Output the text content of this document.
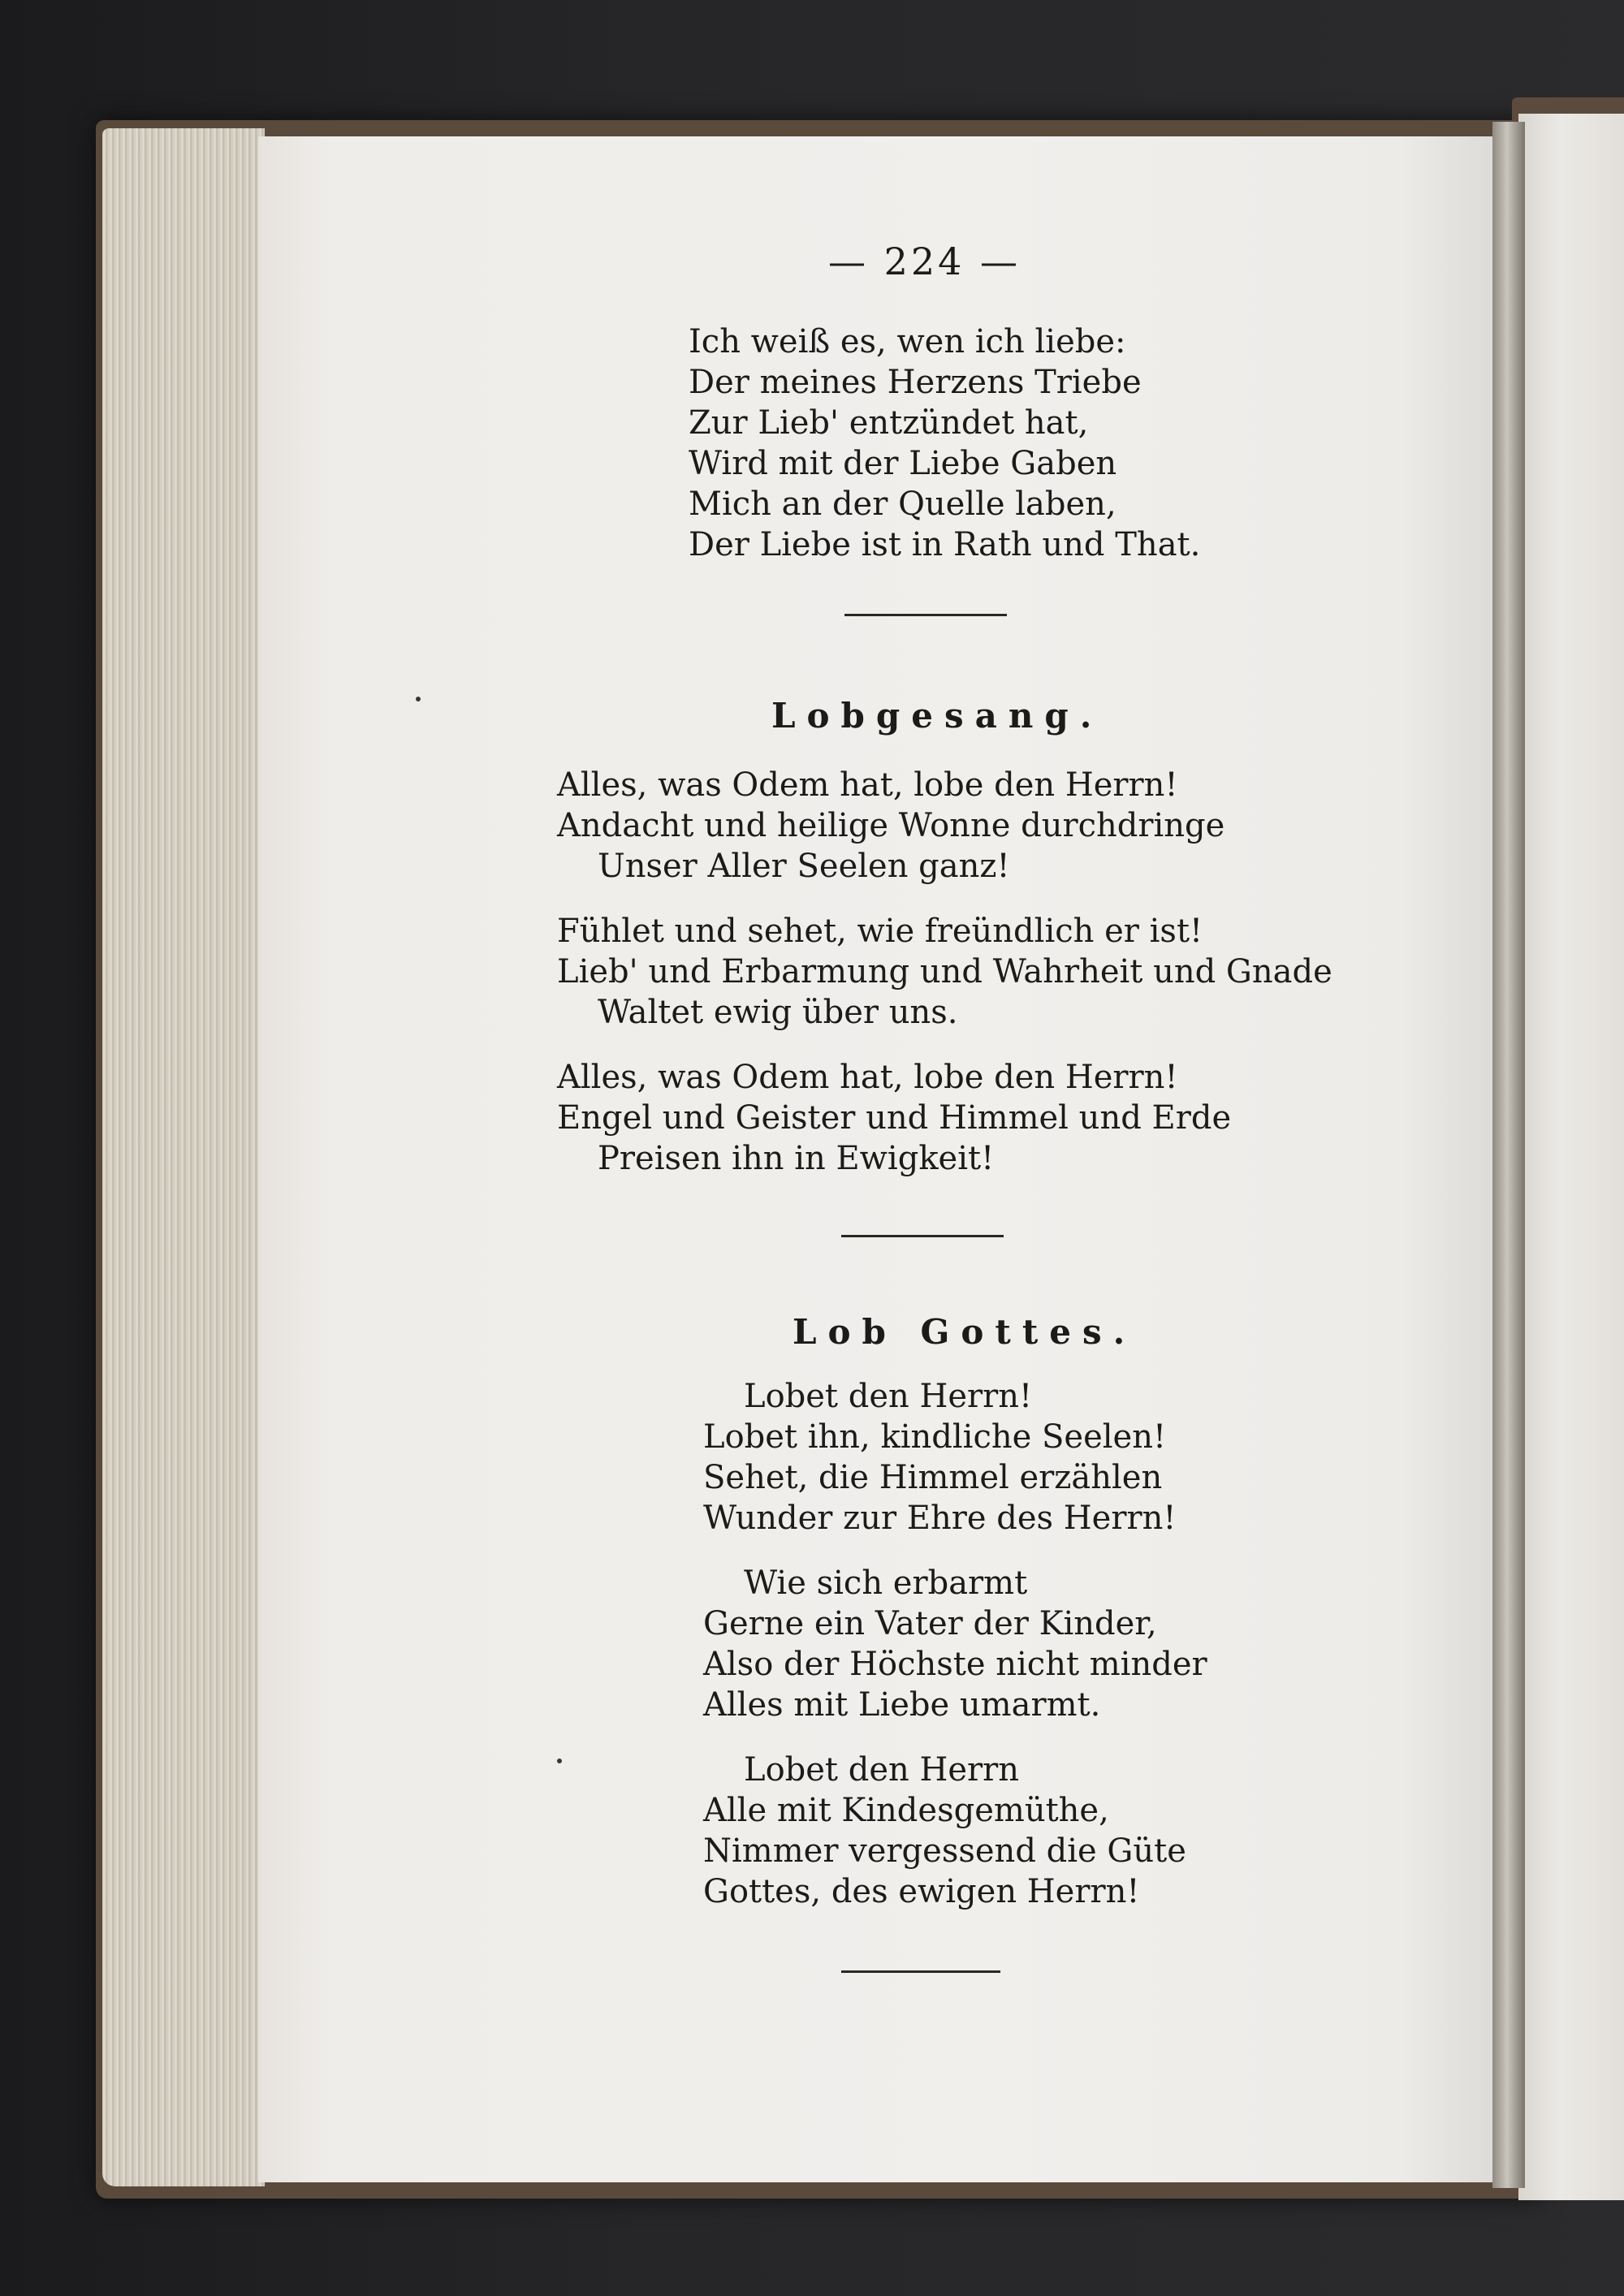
— 224 —
Ich weiß es, wen ich liebe:
Der meines Herzens Triebe
Zur Lieb' entzündet hat,
Wird mit der Liebe Gaben
Mich an der Quelle laben,
Der Liebe ist in Rath und That.
Lobgesang.
Alles, was Odem hat, lobe den Herrn!
Andacht und heilige Wonne durchdringe
Unser Aller Seelen ganz!
Fühlet und sehet, wie freündlich er ist!
Lieb' und Erbarmung und Wahrheit und Gnade
Waltet ewig über uns.
Alles, was Odem hat, lobe den Herrn!
Engel und Geister und Himmel und Erde
Preisen ihn in Ewigkeit!
Lob Gottes.
Lobet den Herrn!
Lobet ihn, kindliche Seelen!
Sehet, die Himmel erzählen
Wunder zur Ehre des Herrn!
Wie sich erbarmt
Gerne ein Vater der Kinder,
Also der Höchste nicht minder
Alles mit Liebe umarmt.
Lobet den Herrn
Alle mit Kindesgemüthe,
Nimmer vergessend die Güte
Gottes, des ewigen Herrn!
